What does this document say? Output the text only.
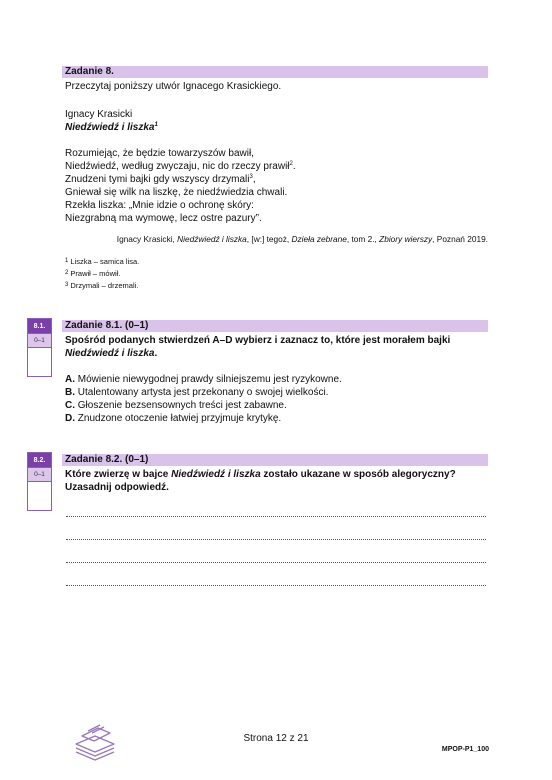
Zadanie 8.
Przeczytaj poniższy utwór Ignacego Krasickiego.
Ignacy Krasicki
Niedźwiedź i liszka$^1$
Rozumiejąc, że będzie towarzyszów bawił,
Niedźwiedź, według zwyczaju, nic do rzeczy prawił$^2$.
Znudzeni tymi bajki gdy wszyscy drzymali$^3$,
Gniewał się wilk na liszkę, że niedźwiedzia chwali.
Rzekła liszka: „Mnie idzie o ochronę skóry:
Niezgrabną ma wymowę, lecz ostre pazury”.
Ignacy Krasicki, Niedźwiedź i liszka, [w:] tegoż, Dzieła zebrane, tom 2., Zbiory wierszy, Poznań 2019.
$^1$ Liszka – samica lisa.
$^2$ Prawił – mówił.
$^3$ Drzymali – drzemali.
8.1.
0–1
Zadanie 8.1. (0–1)
Spośród podanych stwierdzeń A–D wybierz i zaznacz to, które jest morałem bajki
Niedźwiedź i liszka.
A. Mówienie niewygodnej prawdy silniejszemu jest ryzykowne.
B. Utalentowany artysta jest przekonany o swojej wielkości.
C. Głoszenie bezsensownych treści jest zabawne.
D. Znudzone otoczenie łatwiej przyjmuje krytykę.
8.2.
0–1
Zadanie 8.2. (0–1)
Które zwierzę w bajce Niedźwiedź i liszka zostało ukazane w sposób alegoryczny?
Uzasadnij odpowiedź.
Strona 12 z 21
MPOP-P1_100
